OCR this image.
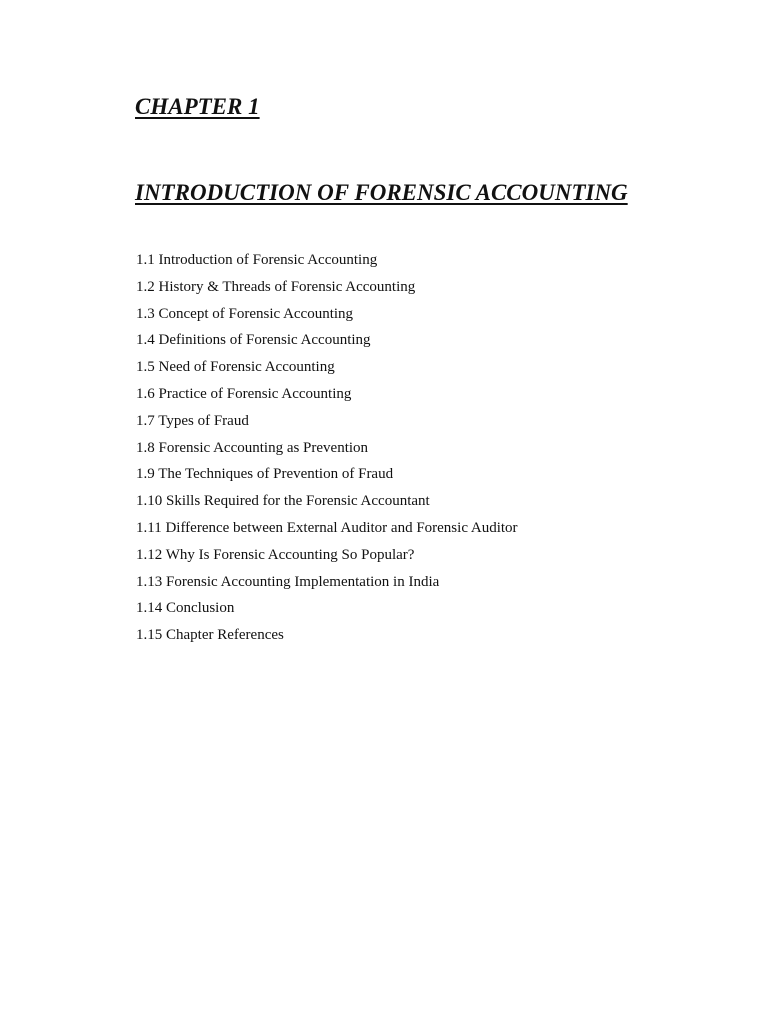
CHAPTER 1
INTRODUCTION OF FORENSIC ACCOUNTING
1.1 Introduction of Forensic Accounting
1.2 History & Threads of Forensic Accounting
1.3 Concept of Forensic Accounting
1.4 Definitions of Forensic Accounting
1.5 Need of Forensic Accounting
1.6 Practice of Forensic Accounting
1.7 Types of Fraud
1.8 Forensic Accounting as Prevention
1.9 The Techniques of Prevention of Fraud
1.10 Skills Required for the Forensic Accountant
1.11 Difference between External Auditor and Forensic Auditor
1.12 Why Is Forensic Accounting So Popular?
1.13 Forensic Accounting Implementation in India
1.14 Conclusion
1.15 Chapter References
